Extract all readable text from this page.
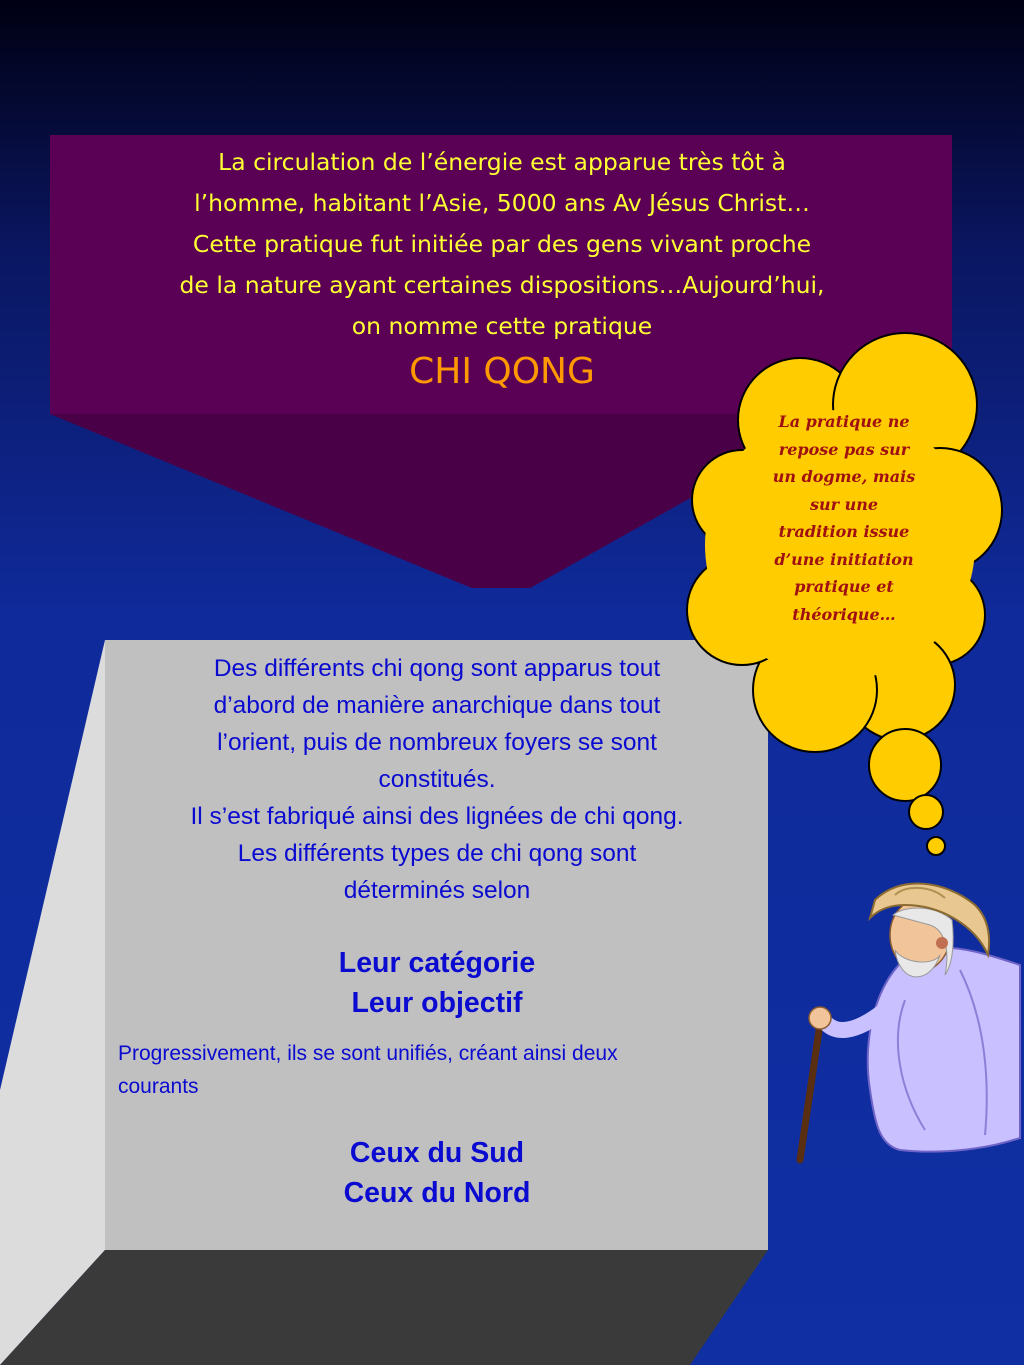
La circulation de l’énergie est apparue très tôt à
l’homme, habitant l’Asie, 5000 ans Av Jésus Christ…
Cette pratique fut initiée par des gens vivant proche
de la nature ayant certaines dispositions…Aujourd’hui,
on nomme cette pratique
CHI QONG
La pratique ne
repose pas sur
un dogme, mais
sur une
tradition issue
d’une initiation
pratique et
théorique…
Des différents chi qong sont apparus tout
d’abord de manière anarchique dans tout
l’orient, puis de nombreux foyers se sont
constitués.
Il s’est fabriqué ainsi des lignées de chi qong.
Les différents types de chi qong sont
déterminés selon
Leur catégorie
Leur objectif
Progressivement, ils se sont unifiés, créant ainsi deux
courants
Ceux du Sud
Ceux du Nord
